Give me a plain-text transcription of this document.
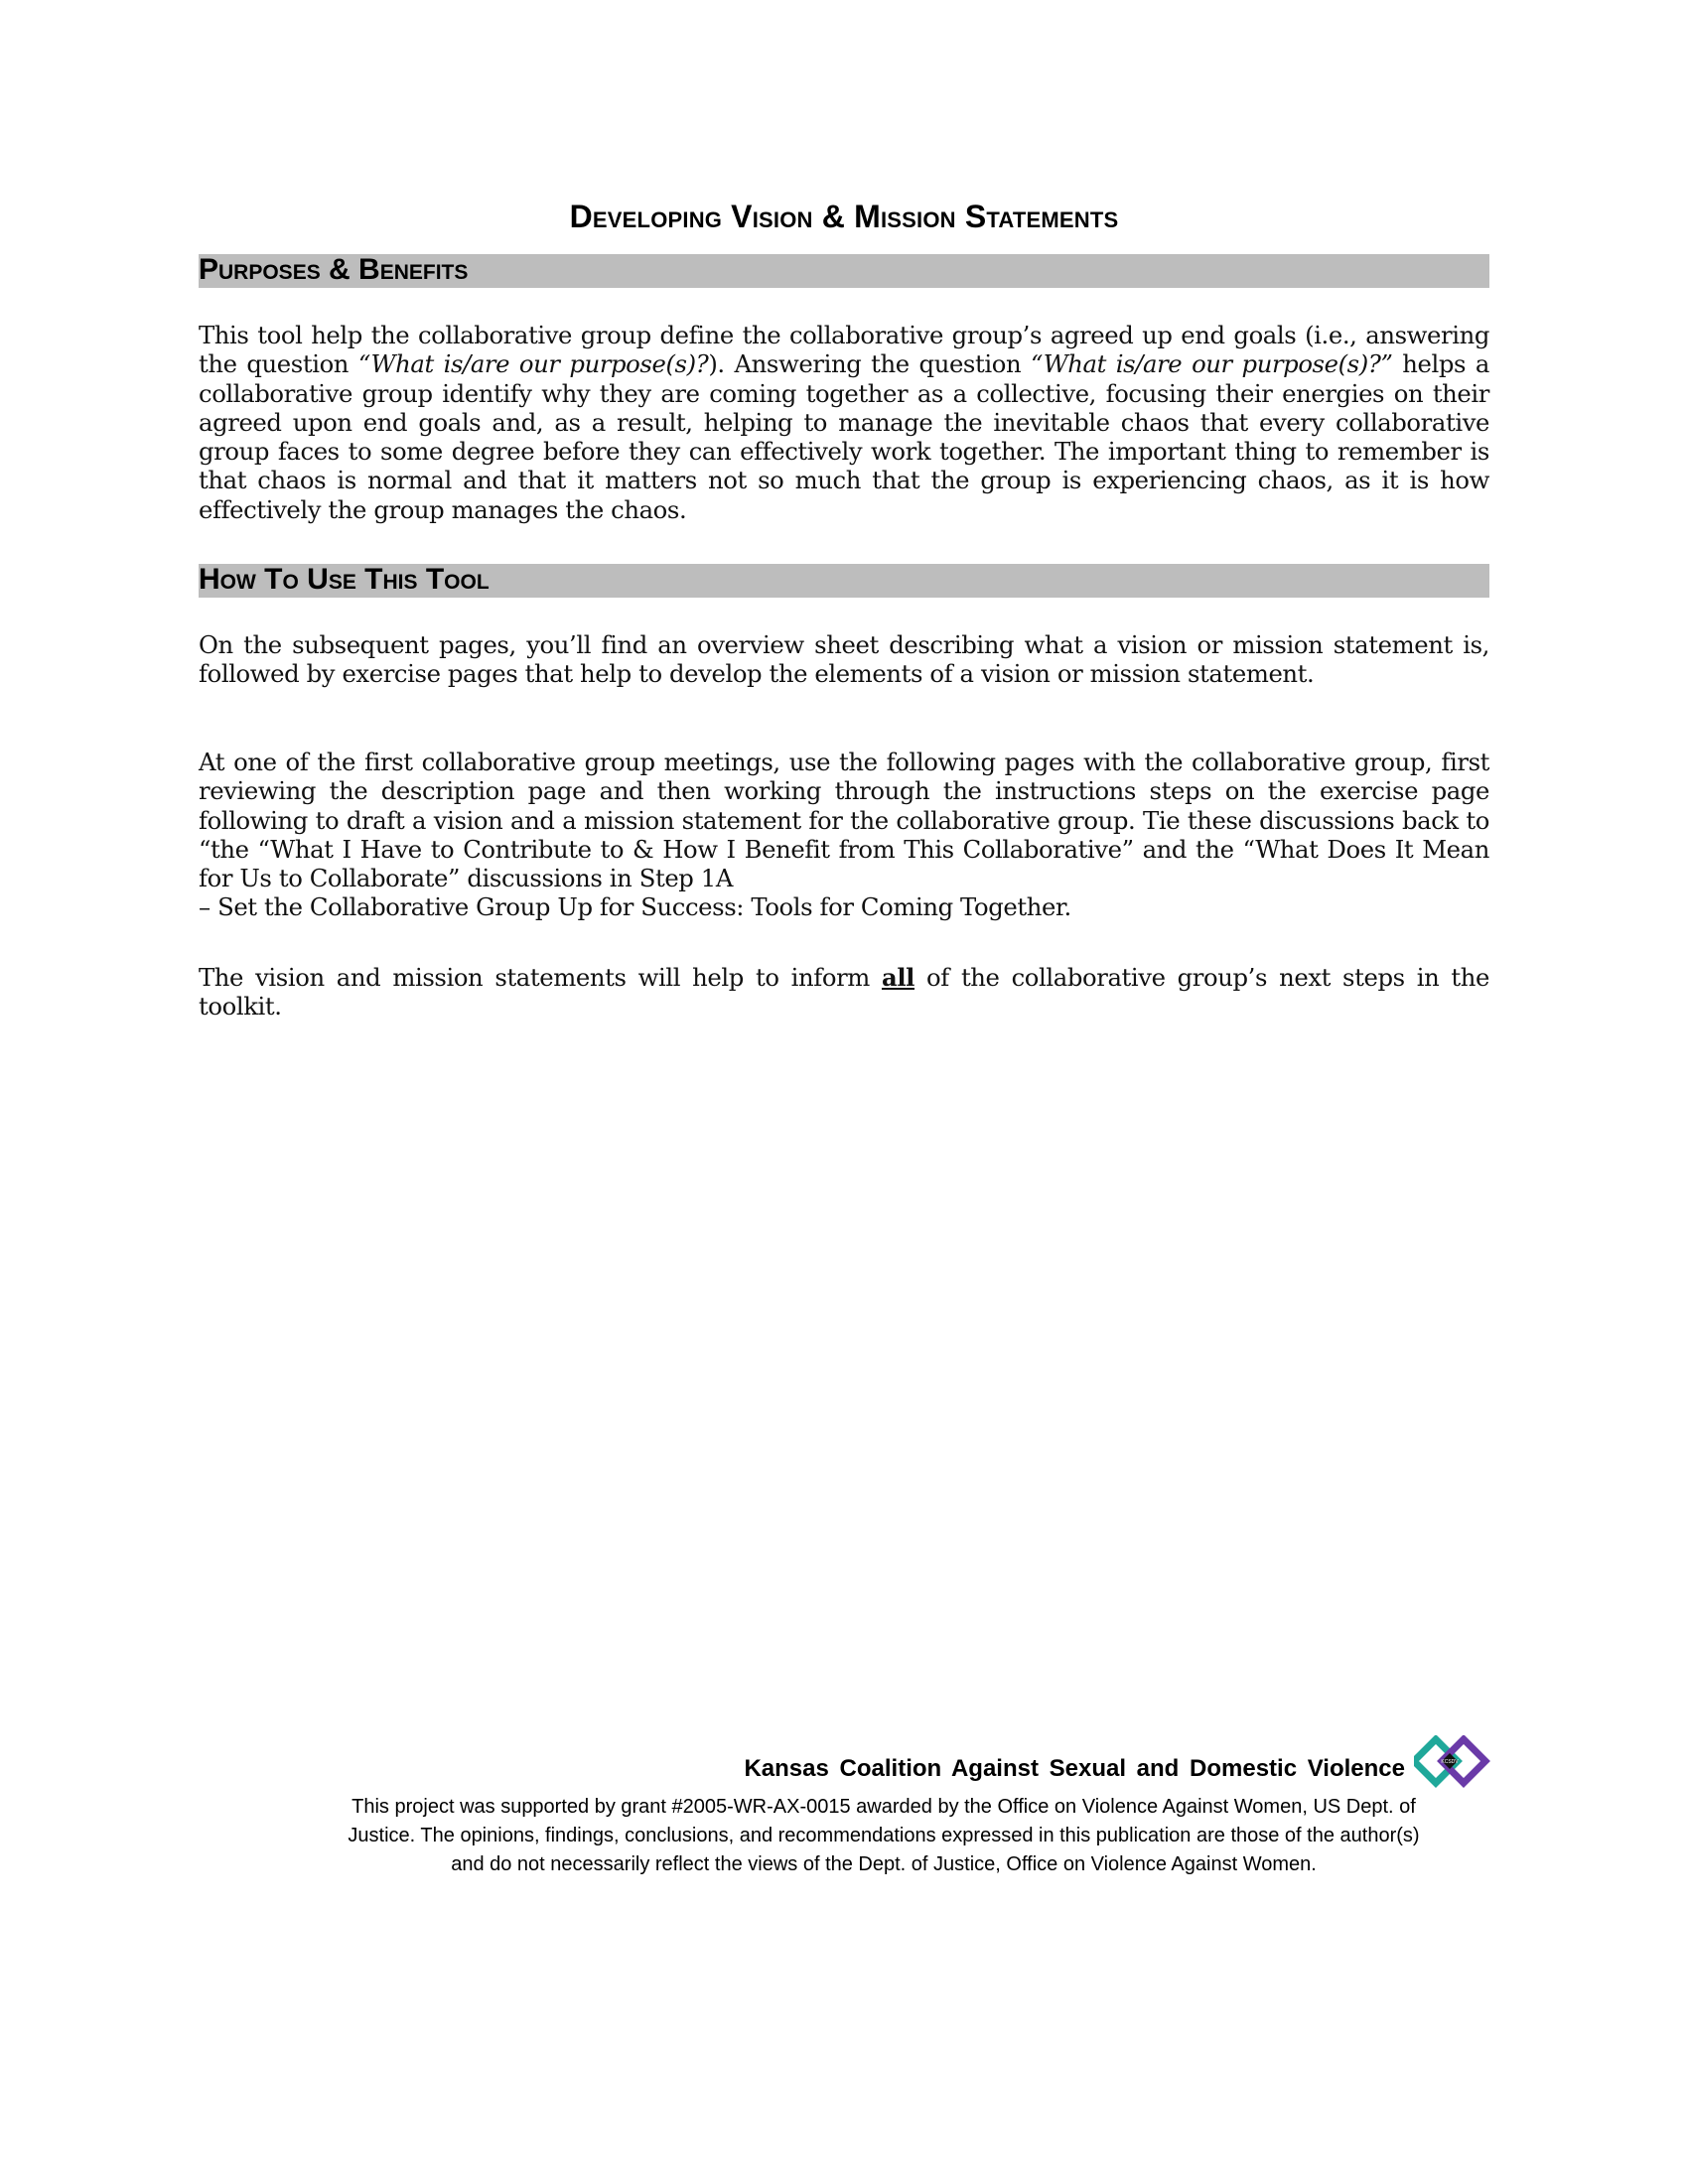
Developing Vision & Mission Statements
Purposes & Benefits

This tool help the collaborative group define the collaborative group’s agreed up end goals (i.e., answering the question “What is/are our purpose(s)?). Answering the question “What is/are our purpose(s)?” helps a collaborative group identify why they are coming together as a collective, focusing their energies on their agreed upon end goals and, as a result, helping to manage the inevitable chaos that every collaborative group faces to some degree before they can effectively work together. The important thing to remember is that chaos is normal and that it matters not so much that the group is experiencing chaos, as it is how effectively the group manages the chaos.

How To Use This Tool

On the subsequent pages, you’ll find an overview sheet describing what a vision or mission statement is, followed by exercise pages that help to develop the elements of a vision or mission statement.

At one of the first collaborative group meetings, use the following pages with the collaborative group, first reviewing the description page and then working through the instructions steps on the exercise page following to draft a vision and a mission statement for the collaborative group. Tie these discussions back to “the “What I Have to Contribute to & How I Benefit from This Collaborative” and the “What Does It Mean for Us to Collaborate” discussions in Step 1A
– Set the Collaborative Group Up for Success: Tools for Coming Together.

The vision and mission statements will help to inform all of the collaborative group’s next steps in the toolkit.

Kansas Coalition Against Sexual and Domestic Violence	KCSDV

This project was supported by grant #2005-WR-AX-0015 awarded by the Office on Violence Against Women, US Dept. of
Justice. The opinions, findings, conclusions, and recommendations expressed in this publication are those of the author(s)
and do not necessarily reflect the views of the Dept. of Justice, Office on Violence Against Women.
